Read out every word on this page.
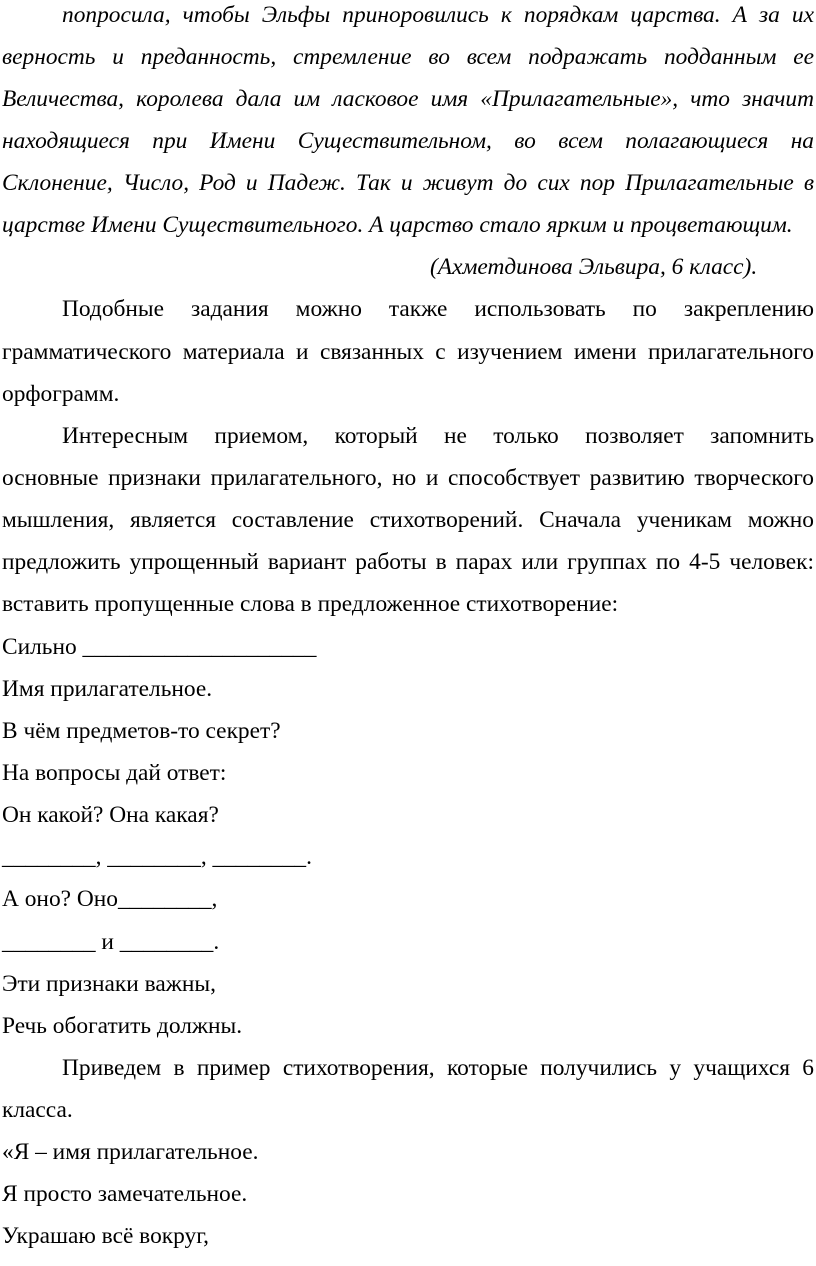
попросила, чтобы Эльфы приноровились к порядкам царства. А за их
верность и преданность, стремление во всем подражать подданным ее
Величества, королева дала им ласковое имя «Прилагательные», что значит
находящиеся при Имени Существительном, во всем полагающиеся на
Склонение, Число, Род и Падеж. Так и живут до сих пор Прилагательные в
царстве Имени Существительного. А царство стало ярким и процветающим.
(Ахметдинова Эльвира, 6 класс).
Подобные задания можно также использовать по закреплению
грамматического материала и связанных с изучением имени прилагательного
орфограмм.
Интересным приемом, который не только позволяет запомнить
основные признаки прилагательного, но и способствует развитию творческого
мышления, является составление стихотворений. Сначала ученикам можно
предложить упрощенный вариант работы в парах или группах по 4-5 человек:
вставить пропущенные слова в предложенное стихотворение:
Сильно ____________________
Имя прилагательное.
В чём предметов-то секрет?
На вопросы дай ответ:
Он какой? Она какая?
________, ________, ________.
А оно? Оно________,
________ и ________.
Эти признаки важны,
Речь обогатить должны.
Приведем в пример стихотворения, которые получились у учащихся 6
класса.
«Я – имя прилагательное.
Я просто замечательное.
Украшаю всё вокруг,
